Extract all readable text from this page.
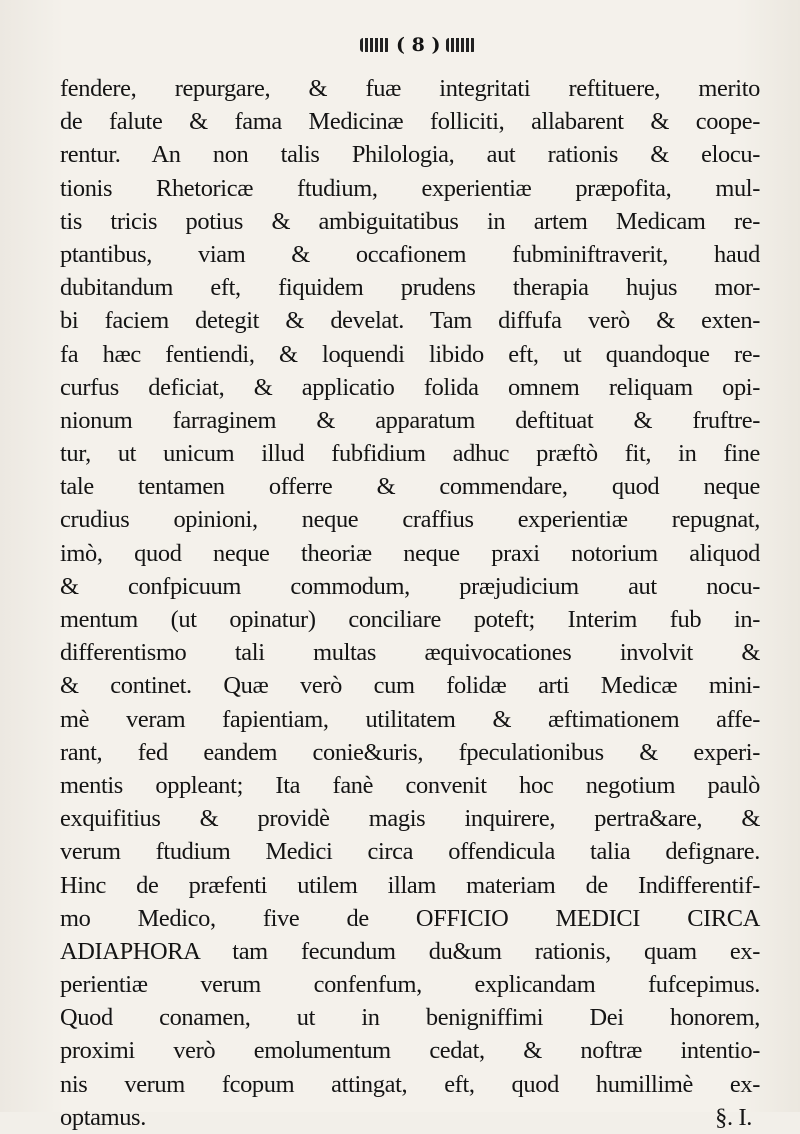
( 8 )
fendere, repurgare, & fuæ integritati reftituere, merito
de falute & fama Medicinæ folliciti, allabarent & coope-
rentur. An non talis Philologia, aut rationis & elocu-
tionis Rhetoricæ ftudium, experientiæ præpofita, mul-
tis tricis potius & ambiguitatibus in artem Medicam re-
ptantibus, viam & occafionem fubminiftraverit, haud
dubitandum eft, fiquidem prudens therapia hujus mor-
bi faciem detegit & develat. Tam diffufa verò & exten-
fa hæc fentiendi, & loquendi libido eft, ut quandoque re-
curfus deficiat, & applicatio folida omnem reliquam opi-
nionum farraginem & apparatum deftituat & fruftre-
tur, ut unicum illud fubfidium adhuc præftò fit, in fine
tale tentamen offerre & commendare, quod neque
crudius opinioni, neque craffius experientiæ repugnat,
imò, quod neque theoriæ neque praxi notorium aliquod
& confpicuum commodum, præjudicium aut nocu-
mentum (ut opinatur) conciliare poteft; Interim fub in-
differentismo tali multas æquivocationes involvit &
& continet. Quæ verò cum folidæ arti Medicæ mini-
mè veram fapientiam, utilitatem & æftimationem affe-
rant, fed eandem conie&uris, fpeculationibus & experi-
mentis oppleant; Ita fanè convenit hoc negotium paulò
exquifitius & providè magis inquirere, pertra&are, &
verum ftudium Medici circa offendicula talia defignare.
Hinc de præfenti utilem illam materiam de Indifferentif-
mo Medico, five de OFFICIO MEDICI CIRCA
ADIAPHORA tam fecundum du&um rationis, quam ex-
perientiæ verum confenfum, explicandam fufcepimus.
Quod conamen, ut in benigniffimi Dei honorem,
proximi verò emolumentum cedat, & noftræ intentio-
nis verum fcopum attingat, eft, quod humillimè ex-
optamus.	§. I.
